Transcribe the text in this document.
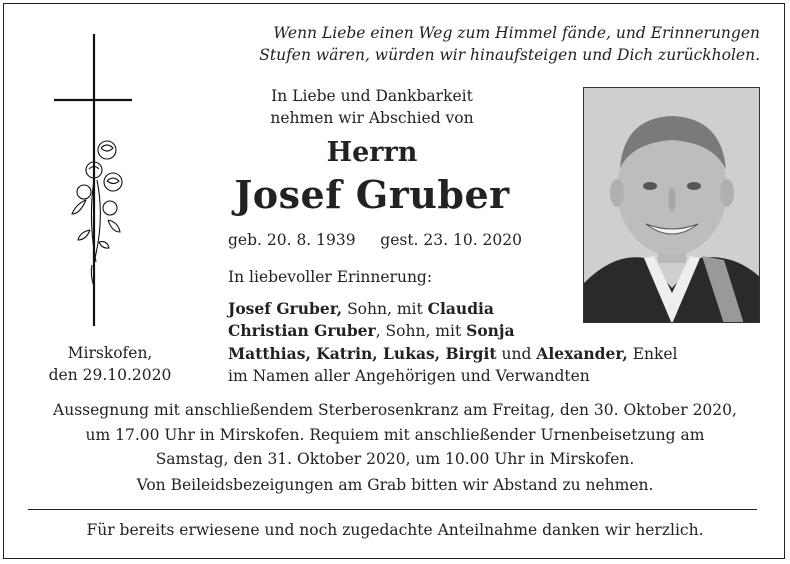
Wenn Liebe einen Weg zum Himmel fände, und Erinnerungen
Stufen wären, würden wir hinaufsteigen und Dich zurückholen.
In Liebe und Dankbarkeit
nehmen wir Abschied von
Herrn
Josef Gruber
geb. 20. 8. 1939 gest. 23. 10. 2020
In liebevoller Erinnerung:
Josef Gruber, Sohn, mit Claudia
Christian Gruber, Sohn, mit Sonja
Matthias, Katrin, Lukas, Birgit und Alexander, Enkel
im Namen aller Angehörigen und Verwandten
Mirskofen,
den 29.10.2020
Aussegnung mit anschließendem Sterberosenkranz am Freitag, den 30. Oktober 2020,
um 17.00 Uhr in Mirskofen. Requiem mit anschließender Urnenbeisetzung am
Samstag, den 31. Oktober 2020, um 10.00 Uhr in Mirskofen.
Von Beileidsbezeigungen am Grab bitten wir Abstand zu nehmen.
Für bereits erwiesene und noch zugedachte Anteilnahme danken wir herzlich.
